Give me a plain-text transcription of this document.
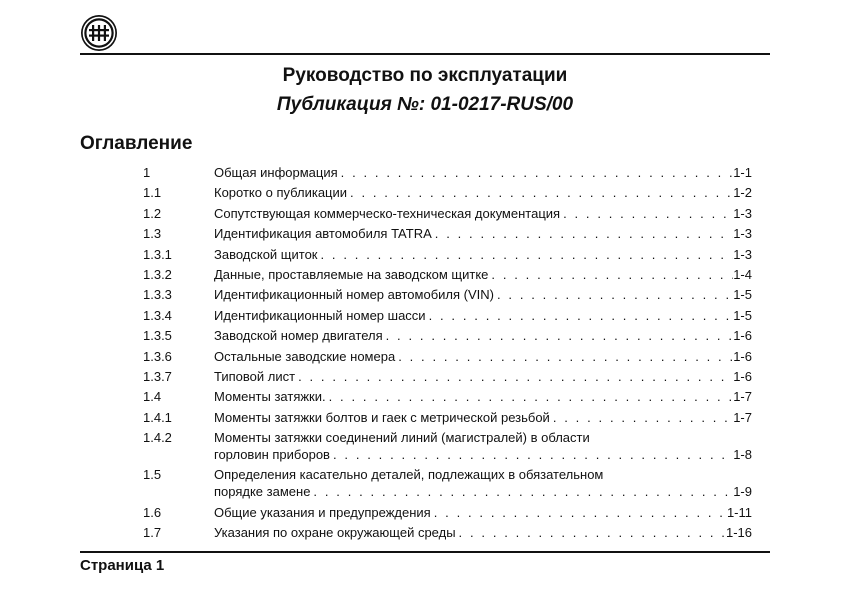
Руководство по эксплуатации
Публикация №: 01-0217-RUS/00
Оглавление
1	Общая информация . . .	1-1
1.1	Коротко о публикации . . .	1-2
1.2	Сопутствующая коммерческо-техническая документация . . .	1-3
1.3	Идентификация автомобиля TATRA . . .	1-3
1.3.1	Заводской щиток . . .	1-3
1.3.2	Данные, проставляемые на заводском щитке . . .	1-4
1.3.3	Идентификационный номер автомобиля (VIN) . . .	1-5
1.3.4	Идентификационный номер шасси . . .	1-5
1.3.5	Заводской номер двигателя . . .	1-6
1.3.6	Остальные заводские номера . . .	1-6
1.3.7	Типовой лист . . .	1-6
1.4	Моменты затяжки. . . .	1-7
1.4.1	Моменты затяжки болтов и гаек с метрической резьбой . . .	1-7
1.4.2	Моменты затяжки соединений линий (магистралей) в области
горловин приборов . . .	1-8
1.5	Определения касательно деталей, подлежащих в обязательном
порядке замене . . .	1-9
1.6	Общие указания и предупреждения . . .	1-11
1.7	Указания по охране окружающей среды . . .	1-16
Страница 1
